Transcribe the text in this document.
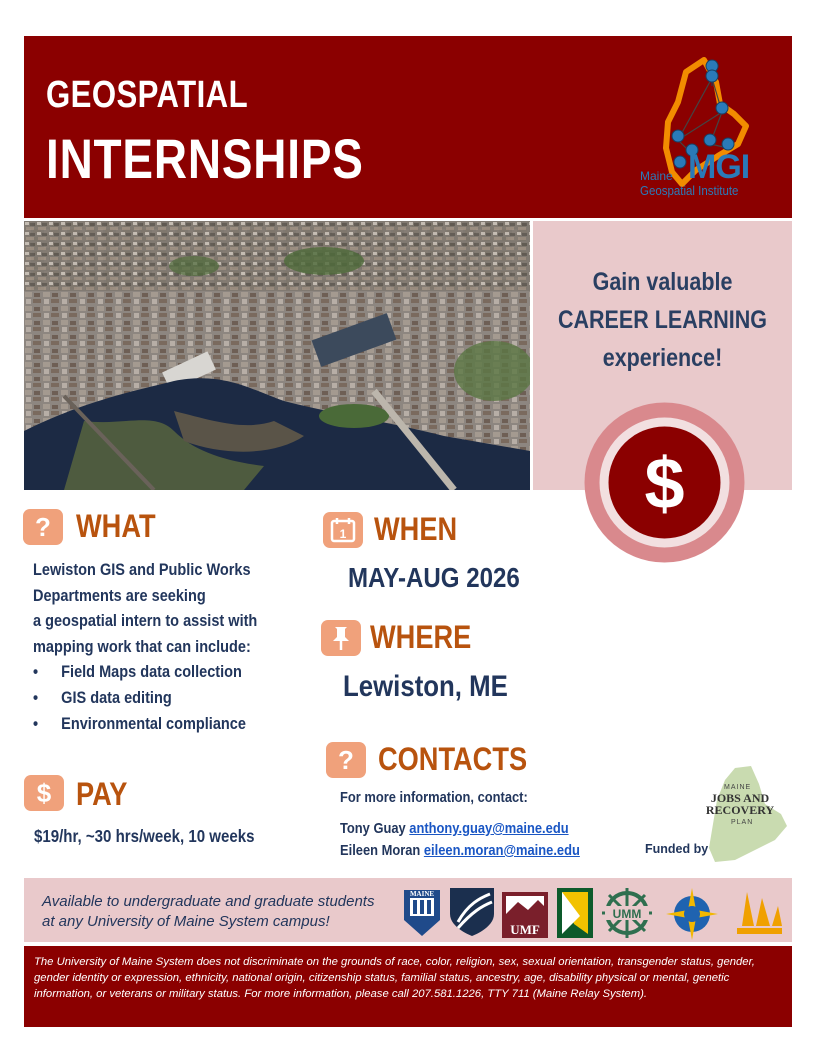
GEOSPATIAL
INTERNSHIPS	Maine MGI
Geospatial Institute
Gain valuable
CAREER LEARNING
experience!
$
? WHAT
Lewiston GIS and Public Works
Departments are seeking
a geospatial intern to assist with
mapping work that can include:
• Field Maps data collection
• GIS data editing
• Environmental compliance
1 WHEN
MAY-AUG 2026
WHERE
Lewiston, ME
? CONTACTS
For more information, contact:
Tony Guay anthony.guay@maine.edu
Eileen Moran eileen.moran@maine.edu
$ PAY
$19/hr, ~30 hrs/week, 10 weeks
Funded by
MAINE
JOBS AND
RECOVERY
PLAN
Available to undergraduate and graduate students
at any University of Maine System campus!
MAINE
UMF
UMM
The University of Maine System does not discriminate on the grounds of race, color, religion, sex, sexual orientation, transgender status, gender, gender identity or expression, ethnicity, national origin, citizenship status, familial status, ancestry, age, disability physical or mental, genetic information, or veterans or military status. For more information, please call 207.581.1226, TTY 711 (Maine Relay System).
